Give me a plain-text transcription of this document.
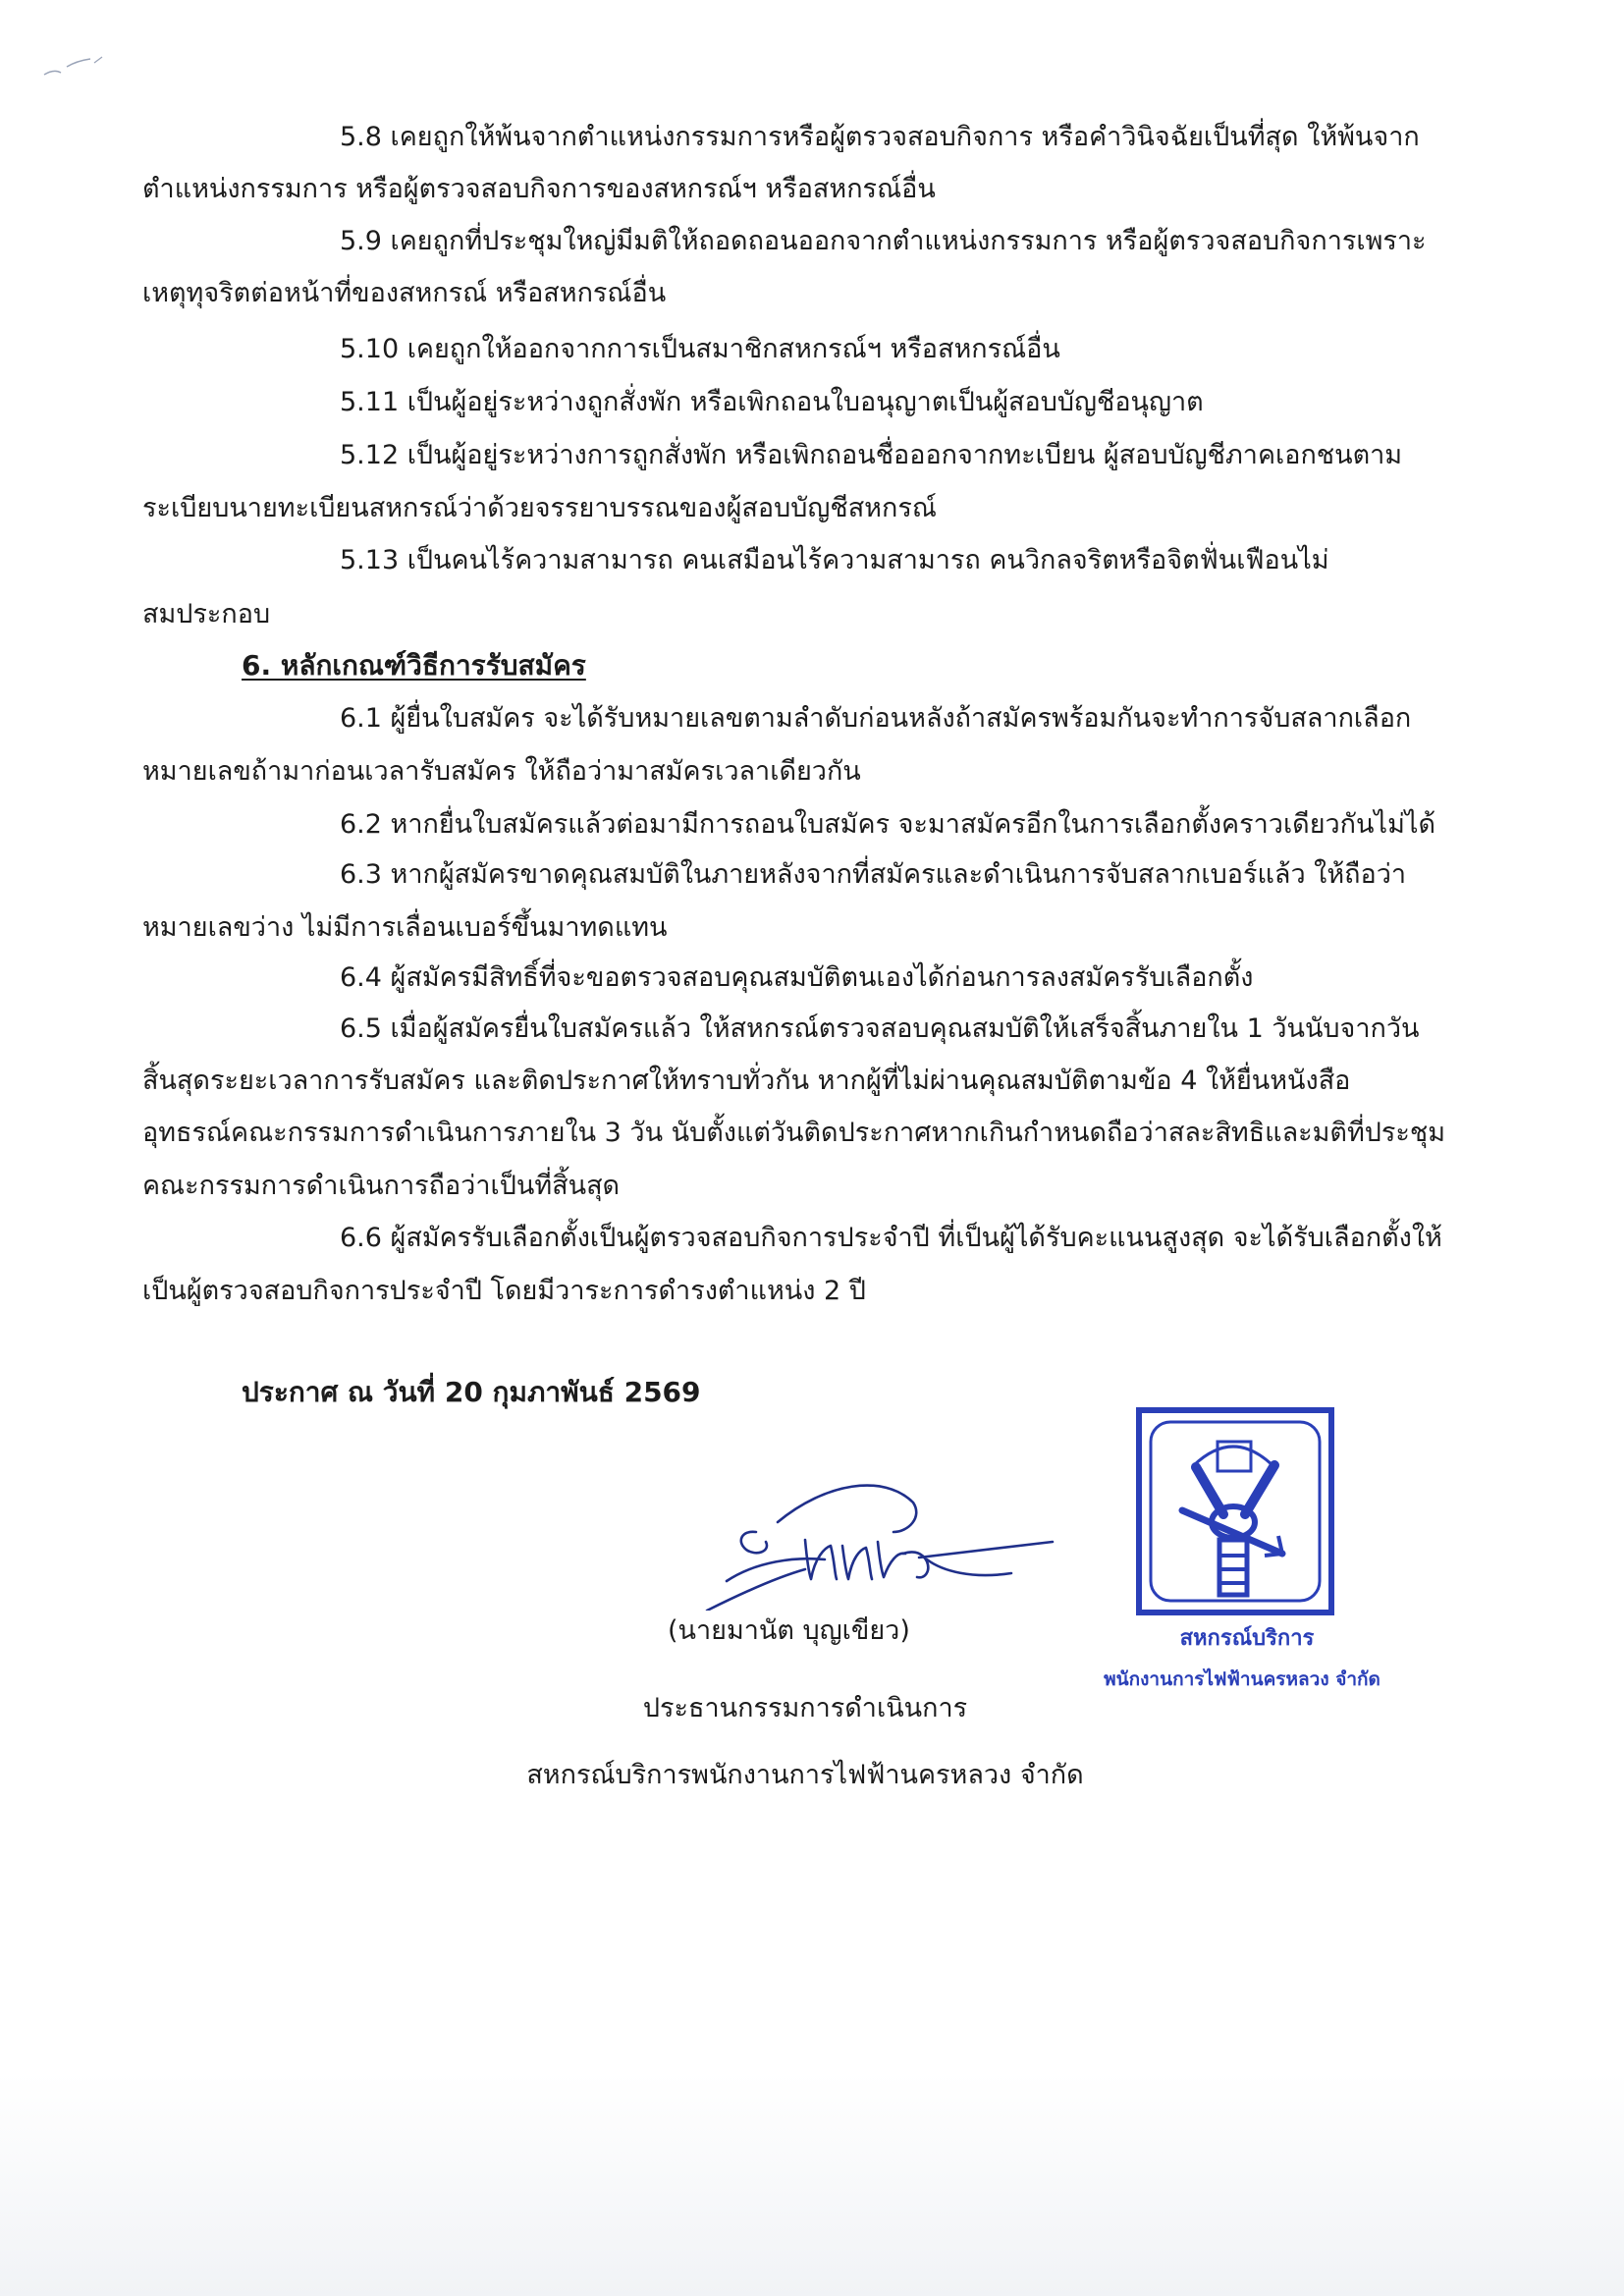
5.8 เคยถูกให้พ้นจากตำแหน่งกรรมการหรือผู้ตรวจสอบกิจการ หรือคำวินิจฉัยเป็นที่สุด ให้พ้นจาก
ตำแหน่งกรรมการ หรือผู้ตรวจสอบกิจการของสหกรณ์ฯ หรือสหกรณ์อื่น
5.9 เคยถูกที่ประชุมใหญ่มีมติให้ถอดถอนออกจากตำแหน่งกรรมการ หรือผู้ตรวจสอบกิจการเพราะ
เหตุทุจริตต่อหน้าที่ของสหกรณ์ หรือสหกรณ์อื่น
5.10 เคยถูกให้ออกจากการเป็นสมาชิกสหกรณ์ฯ หรือสหกรณ์อื่น
5.11 เป็นผู้อยู่ระหว่างถูกสั่งพัก หรือเพิกถอนใบอนุญาตเป็นผู้สอบบัญชีอนุญาต
5.12 เป็นผู้อยู่ระหว่างการถูกสั่งพัก หรือเพิกถอนชื่อออกจากทะเบียน ผู้สอบบัญชีภาคเอกชนตาม
ระเบียบนายทะเบียนสหกรณ์ว่าด้วยจรรยาบรรณของผู้สอบบัญชีสหกรณ์
5.13 เป็นคนไร้ความสามารถ คนเสมือนไร้ความสามารถ คนวิกลจริตหรือจิตฟั่นเฟือนไม่
สมประกอบ
6. หลักเกณฑ์วิธีการรับสมัคร
6.1 ผู้ยื่นใบสมัคร จะได้รับหมายเลขตามลำดับก่อนหลังถ้าสมัครพร้อมกันจะทำการจับสลากเลือก
หมายเลขถ้ามาก่อนเวลารับสมัคร ให้ถือว่ามาสมัครเวลาเดียวกัน
6.2 หากยื่นใบสมัครแล้วต่อมามีการถอนใบสมัคร จะมาสมัครอีกในการเลือกตั้งคราวเดียวกันไม่ได้
6.3 หากผู้สมัครขาดคุณสมบัติในภายหลังจากที่สมัครและดำเนินการจับสลากเบอร์แล้ว ให้ถือว่า
หมายเลขว่าง ไม่มีการเลื่อนเบอร์ขึ้นมาทดแทน
6.4 ผู้สมัครมีสิทธิ์ที่จะขอตรวจสอบคุณสมบัติตนเองได้ก่อนการลงสมัครรับเลือกตั้ง
6.5 เมื่อผู้สมัครยื่นใบสมัครแล้ว ให้สหกรณ์ตรวจสอบคุณสมบัติให้เสร็จสิ้นภายใน 1 วันนับจากวัน
สิ้นสุดระยะเวลาการรับสมัคร และติดประกาศให้ทราบทั่วกัน หากผู้ที่ไม่ผ่านคุณสมบัติตามข้อ 4 ให้ยื่นหนังสือ
อุทธรณ์คณะกรรมการดำเนินการภายใน 3 วัน นับตั้งแต่วันติดประกาศหากเกินกำหนดถือว่าสละสิทธิและมติที่ประชุม
คณะกรรมการดำเนินการถือว่าเป็นที่สิ้นสุด
6.6 ผู้สมัครรับเลือกตั้งเป็นผู้ตรวจสอบกิจการประจำปี ที่เป็นผู้ได้รับคะแนนสูงสุด จะได้รับเลือกตั้งให้
เป็นผู้ตรวจสอบกิจการประจำปี โดยมีวาระการดำรงตำแหน่ง 2 ปี
ประกาศ ณ วันที่ 20 กุมภาพันธ์ 2569
(นายมานัต บุญเขียว)
ประธานกรรมการดำเนินการ
สหกรณ์บริการพนักงานการไฟฟ้านครหลวง จำกัด
สหกรณ์บริการ
พนักงานการไฟฟ้านครหลวง จำกัด
